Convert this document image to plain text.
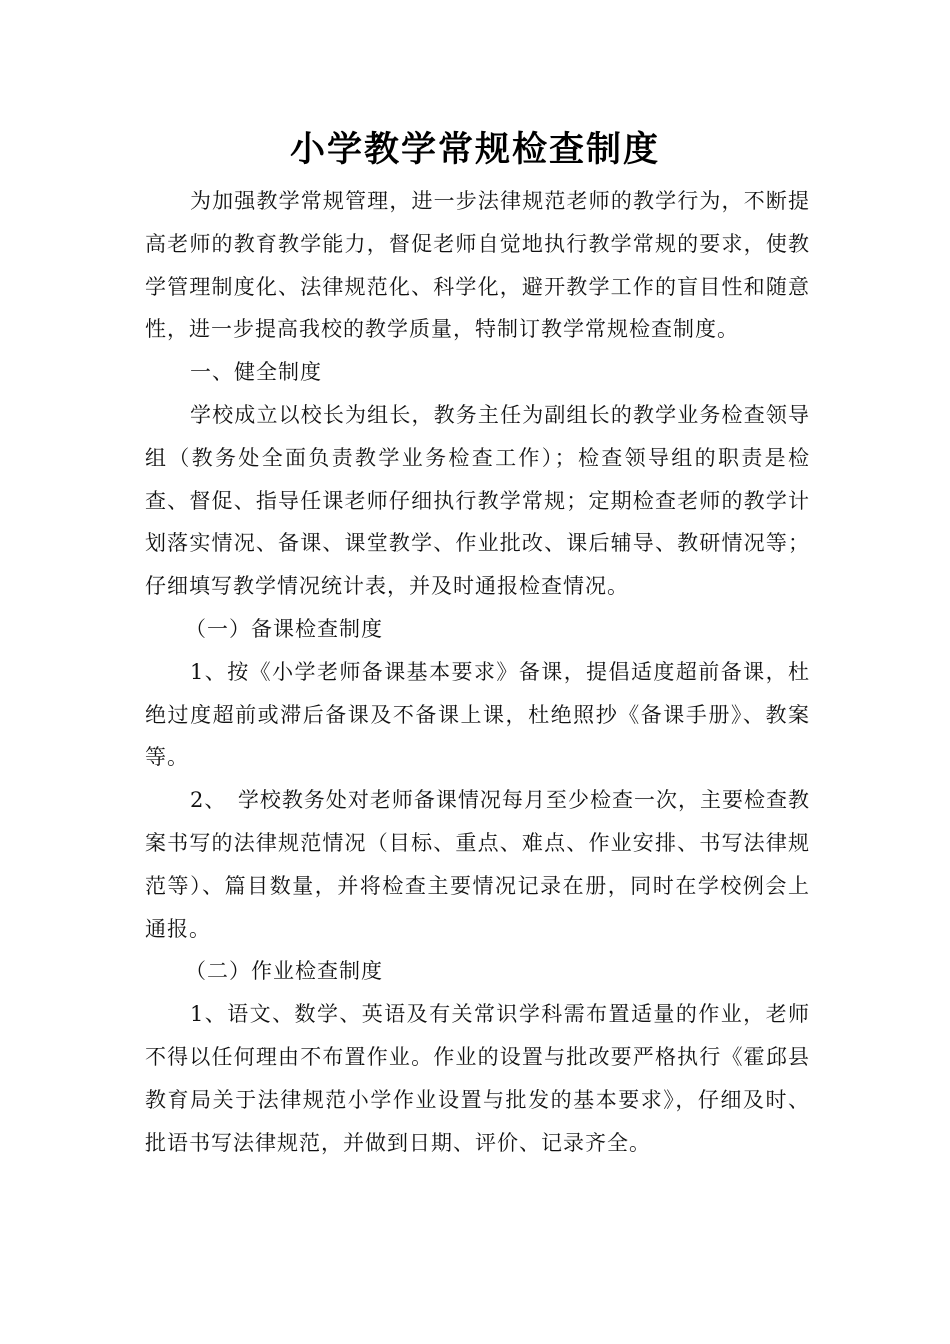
小学教学常规检查制度

为加强教学常规管理，进一步法律规范老师的教学行为，不断提高老师的教育教学能力，督促老师自觉地执行教学常规的要求，使教学管理制度化、法律规范化、科学化，避开教学工作的盲目性和随意性，进一步提高我校的教学质量，特制订教学常规检查制度。

一、健全制度

学校成立以校长为组长，教务主任为副组长的教学业务检查领导组（教务处全面负责教学业务检查工作）；检查领导组的职责是检查、督促、指导任课老师仔细执行教学常规；定期检查老师的教学计划落实情况、备课、课堂教学、作业批改、课后辅导、教研情况等；仔细填写教学情况统计表，并及时通报检查情况。

（一）备课检查制度

1、按《小学老师备课基本要求》备课，提倡适度超前备课，杜绝过度超前或滞后备课及不备课上课，杜绝照抄《备课手册》、教案等。

2、　学校教务处对老师备课情况每月至少检查一次，主要检查教案书写的法律规范情况（目标、重点、难点、作业安排、书写法律规范等）、篇目数量，并将检查主要情况记录在册，同时在学校例会上通报。

（二）作业检查制度

1、语文、数学、英语及有关常识学科需布置适量的作业，老师不得以任何理由不布置作业。作业的设置与批改要严格执行《霍邱县教育局关于法律规范小学作业设置与批发的基本要求》，仔细及时、批语书写法律规范，并做到日期、评价、记录齐全。
